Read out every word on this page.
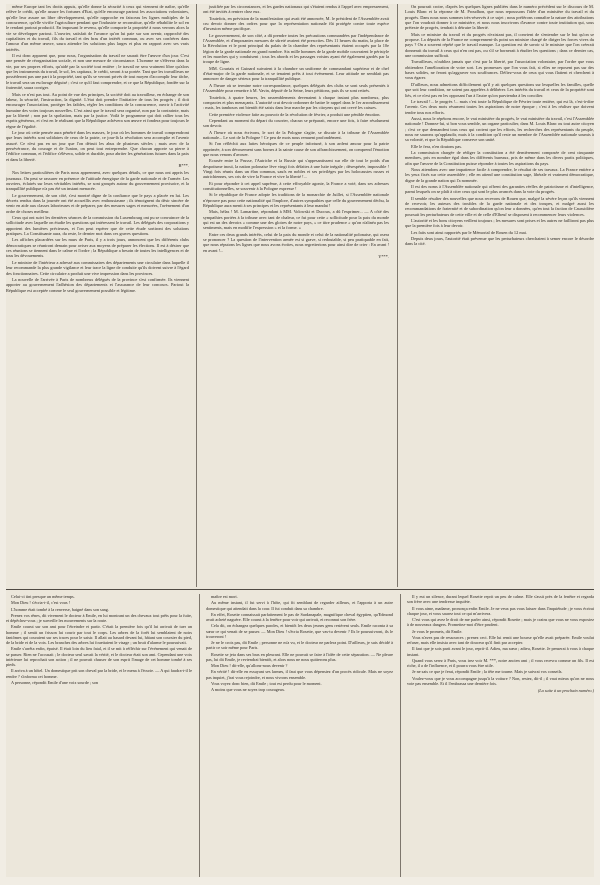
même Europe tant les droits appuis, qu'elle donne la sécurité à ceux qui viennent de naître, qu'elle relève le crédit, qu'elle assure les fortunes d'Etat, qu'elle encourage partout les associations volontaires, qu'elle leur assure un libre développement, qu'elle rapproche en faisceau les lignes multiples de la concurrence, qu'elle vivifie l'agriculture pendant que l'industrie se reconstitue, qu'elle réhabilite le sol en le rendant partout productif. En imposant le revenu, qu'elle comporte la propriété à nous verrons alors la vie se développer partout. L'ouvrier, satisfait de l'avance qu'on lui paie sur son avenir, rapproché des capitalistes et du travail, fils du travail et des bras d'un intérêt commun, ou avec ses confrères dans l'amour d'un même œuvre, saura attendre les solutions plus larges et plus en rapport avec ses vrais intérêts.

Il est donc apparent que, pour nous, l'organisation du travail ne saurait être l'œuvre d'un jour. C'est une pensée de réorganisation sociale, et non une mesure de circonstance. L'homme ne s'élèvera dans la vie, par ses propres efforts, qu'aidé par la société tout entière ; le travail ne sera vraiment libre qu'alors que les instruments du travail, le sol, les capitaux, le crédit, seront à sa portée. Tant que les travailleurs ne posséderont pas une part à la propriété, tant qu'ils se verront privés de tout moyen d'accomplir leur tâche, le travail sera un esclavage déguisé ; c'est ce qu'il faut comprendre, et ce que la République, fondée sur la fraternité, saura corriger.

Mais ce n'est pas tout. Au point de vue des principes, la société doit au travailleur, en échange de son labeur, la sécurité, l'instruction, la dignité. L'état doit prendre l'initiative de tous les progrès ; il doit encourager l'association, protéger les faibles, régler les conditions de la concurrence, ouvrir à l'activité humaine des voies toujours nouvelles. C'est ainsi que le travail sera organisé, non par la contrainte, mais par la liberté ; non par la spoliation, mais par la justice. Voilà le programme qui doit rallier tous les esprits généreux, et c'est en le réalisant que la République achèvera son œuvre et fondera pour toujours le règne de l'égalité.

Le jour où cette pensée aura pénétré dans les masses, le jour où les hommes de travail comprendront que leurs intérêts sont solidaires de ceux de la patrie, ce jour-là la révolution sera accomplie et l'avenir assuré. Ce n'est pas en un jour que l'on détruit les abus de plusieurs siècles ; mais avec de la persévérance, du courage et de l'union, on peut tout entreprendre. Que chacun apporte sa pierre à l'édifice commun, et l'édifice s'élèvera, solide et durable, pour abriter les générations futures dans la paix et dans la liberté.

B***.

Nos lettres particulières de Paris nous apprennent, avec quelques détails, ce que nous ont appris les journaux. On peut se rassurer en présence de l'attitude énergique de la garde nationale et de l'armée. Les ouvriers, éclairés sur leurs véritables intérêts, se sont groupés autour du gouvernement provisoire, et la tranquillité publique n'a pas été un instant menacée.

Le gouvernement, de son côté, s'est montré digne de la confiance que le pays a placée en lui. Les décrets rendus dans la journée ont été accueillis avec enthousiasme ; ils témoignent du désir sincère de venir en aide aux classes laborieuses et de préparer, par des mesures sages et mesurées, l'avènement d'un ordre de choses meilleur.

Ceux qui ont suivi les dernières séances de la commission du Luxembourg ont pu se convaincre de la sollicitude avec laquelle on étudie les questions qui intéressent le travail. Les délégués des corporations y apportent des lumières précieuses, et l'on peut espérer que de cette étude sortiront des solutions pratiques. La Constituante aura, du reste, le dernier mot dans ces graves questions.

Les affiches placardées sur les murs de Paris, il y a trois jours, annoncent que les différents clubs démocratiques se réuniront demain pour aviser aux moyens de préparer les élections. Il est à désirer que ces réunions se tiennent dans le calme et l'ordre ; la République a besoin de toutes les intelligences et de tous les dévouements.

Le ministre de l'intérieur a adressé aux commissaires des départements une circulaire dans laquelle il leur recommande la plus grande vigilance et leur trace la ligne de conduite qu'ils doivent suivre à l'égard des fonctionnaires. Cette circulaire a produit une vive impression dans les provinces.

La nouvelle de l'arrivée à Paris de nombreux délégués de la province s'est confirmée. Ils viennent apporter au gouvernement l'adhésion des départements et l'assurance de leur concours. Partout la République est acceptée comme le seul gouvernement possible et légitime.

justifiée par les circonstances, et les gardes nationaux qui s'étaient rendus à l'appel avec empressement, ont été invités à rentrer chez eux.

Toutefois, en prévision de la manifestation qui avait été annoncée, M. le président de l'Assemblée avait cru devoir donner des ordres pour que la représentation nationale fût protégée contre toute espèce d'invasion même pacifique.

Le gouvernement, de son côté, a dû prendre toutes les précautions commandées par l'indépendance de l'Assemblée, et d'imposantes mesures de sûreté avaient été prescrites. Dès 11 heures du matin, la place de la Révolution et le pont principal du palais de la chambre des représentants étaient occupés par la 10e légion de la garde nationale en grand nombre. Six mille hommes de la garde mobile couvraient le péristyle et les marches qui y conduisent ; tous les abords et les passages voisins ayant été également gardés par la troupe de ligne.

MM. Courtais et Guinard suivaient à la chambre un uniforme de commandant supérieur et de chef d'état-major de la garde nationale, et se tenaient prêts à tout événement. Leur attitude ne semblait pas annoncer de danger sérieux pour la tranquillité publique.

A l'heure où se termine notre correspondance, quelques délégués des clubs se sont seuls présentés à l'Assemblée pour remettre à M. Vavin, député de la Seine, leurs pétitions, puis ils se sont retirés.

Toutefois, à quatre heures, les rassemblements devenaient à chaque instant plus nombreux, plus compactes et plus menaçants. L'autorité crut devoir ordonner de battre le rappel dans le 1er arrondissement : mais, les tambours ont bientôt été saisis dans leur marche par les citoyens qui ont crevé les caisses.

Cette première violence faite au pouvoir de la révolution de février, a produit une pénible émotion.

Cependant au moment du départ du courrier, chacun se préparait, encore une fois, à faire résolument son devoir.

A l'heure où nous écrivons, le sort de la Pologne s'agite, se discute à la tribune de l'Assemblée nationale... Le sort de la Pologne ! Ce peu de mots nous remuent profondément.

Si l'on réfléchit aux luttes héroïques de ce peuple infortuné, à son ardent amour pour la patrie opprimée, à son dévouement sans bornes à la sainte cause de son affranchissement, on comprend l'émotion que nous venons d'avouer.

Ecrasée entre la Prusse, l'Autriche et la Russie qui s'appesantissent sur elle de tout le poids d'un despotisme inouï, la nation polonaise lève vingt fois défaites à une lutte inégale ; désespérée, impossible ! Vingt fois réunis dans un élan commun, saufs en nobles et ses priviléges par les holocaustes russes et autrichiennes, ses cris de vive la France et vive la liberté !...

Et pour répondre à cet appel suprême, à cette effroyable agonie, la France a voté, dans ses adresses constitutionnelles, se souvenir à la Pologne expresse !

Si le république de France adopte les traditions de la monarchie de Juillet, si l'Assemblée nationale n'éprouve pas pour cette nationalité qui l'implore, d'autres sympathies que celle du gouvernement déchu, la République aura menti à ses principes et les représentants à leur mandat !

Mais, hélas ! M. Lamartine, répondant à MM. Volowski et Ducoux, a dû l'exprimer... — A côté des sympathies portées à la tribune avec tant de chaleur, ce fut pour cette « sollicitude pour la paix du monde qui est un des devoirs « comme une des gloires de notre pays, » ce titre prudence « qu'on n'alinéa pas les sentiments, mais en modifie l'expression » et la forme. »

Entre ces deux grands intérêts, celui de la paix du monde et celui de la nationalité polonaise, qui osera se prononcer ? La question de l'intervention armée est si grave, si redoutable, si peu pratiquable en fait, que nous réputons les lignes que nous avons écrites, nous regretterions pour ainsi dire de crier : En avant ! en avant !...

Y***.

On pourrait croire, d'après les quelques lignes publiées dans le numéro précédent sur le discours de M. Louis Blanc et la réponse de M. Proudhon, que nous repoussons l'idée d'un ministère du travail et du progrès. Dans nous nous sommes très-réservés à ce sujet ; nous préférons connaître la nature des attributions que l'on voudrait donner à ce ministère, et nous nous inscrivons d'avance contre toute institution qui, sous prétexte de progrès, tendrait à détruire la liberté.

Mais ce ministre du travail et du progrès n'existant pas, il convient de s'entendre sur le but qu'on se propose. La députés de la France ne comprennent-ils point un ministre chargé de diriger les forces vives du pays ? On a souvent répété que le travail manque. La question est de savoir si le ministre que l'on créerait donnerait du travail à ceux qui n'en ont pas, ou s'il se bornerait à étudier les questions ; dans ce dernier cas, une commission suffirait.

Travailleurs, n'oubliez jamais que c'est par la liberté, par l'association volontaire, par l'ordre que vous obtiendrez l'amélioration de votre sort. Les promesses que l'on vous fait, si elles ne reposent pas sur des bases solides, ne feront qu'aggraver vos souffrances. Défiez-vous de ceux qui vous flattent et cherchent à vous égarer.

D'ailleurs, nous admettons difficilement qu'il y ait quelques questions sur lesquelles les familles, quelle que soit leur condition, ne soient pas appelées à délibérer. Les intérêts du travail et ceux de la propriété sont liés, et ce n'est pas en les opposant l'un à l'autre qu'on parviendra à les concilier.

Le travail !... le progrès !... mais c'est toute la République de Février toute entière, qui est là, c'est-à-dire l'avenir. Ces deux mots résument toutes les aspirations de notre époque ; c'est à les réaliser que doivent tendre tous nos efforts.

Aussi, nous le répétons encore, le vrai ministère du progrès, le vrai ministère du travail, c'est l'Assemblée nationale ! Donnez-lui, si bon vous semble, un organe particulier, dans M. Louis Blanc ou tout autre citoyen ; c'est ce que demandent tous ceux qui croient que les efforts, les recherches des représentants du peuple, nous ne saurons qu'applaudir, mais à la condition qu'il reste un membre de l'Assemblée nationale soumis à sa volonté, et que la République conserve son unité.

Elle le fera, n'en doutons pas.

La commission chargée de rédiger la constitution a été dernièrement composée de cent cinquante membres, pris en nombre égal dans les différents bureaux, pris de même dans les divers partis politiques, afin que l'œuvre de la Constitution puisse répondre à toutes les aspirations du pays.

Nous attendons avec une impatience facile à comprendre, le résultat de ses travaux. La France entière a les yeux fixés sur cette assemblée ; elle en attend une constitution sage, libérale et vraiment démocratique, digne de la grande nation qui l'a nommée.

Il est des noms à l'Assemblée nationale qui offrent des garanties réelles de patriotisme et d'intelligence, parmi lesquels on se plaît à citer ceux qui sont le plus avancés dans la voie du progrès.

Il semble résulter des nouvelles que nous recevons de Rouen que, malgré la sévère leçon qu'ils viennent de recevoir, les auteurs des troubles de la garde nationale et des troupes, et malgré aussi les recommandations de fraternité et de subordination qu'on leur a données, qu'en tout la faction de Caussidière poursuit les perturbateurs de cette ville et de celle d'Elbeuf se disposent à recommencer leurs violences.

L'autorité et les bons citoyens veillent toujours ; les mesures sont prises et les autres ne failliront pas plus que la première fois à leur devoir.

Les faits sont ainsi rapportés par le Mémorial de Rouen du 12 mai.

Depuis deux jours, l'autorité était prévenue que les perturbateurs cherchaient à semer encore le désordre dans la cité.

Celui-ci tint presque un même temps.

Mon Dieu ! s'écria-t-il, c'est vous !

L'homme était tombé à la renverse, baigné dans son sang.

Prenez vos rênes, dit vivement le docteur à Emile, en lui montrant un des chevaux tout prêts pour la fuite, et dépêchez-vous ; je surveille les mouvements sur la route.

Emile courut sur son ami pour l'étreindre et partir. C'était la première fois qu'il lui arrivait de tuer un homme ; il sentit un frisson lui courir par tout le corps. Les arbres de la forêt lui semblaient de noirs fantômes qui couraient sur ses traces pour le saisir. Il allait au hasard devant lui, hâtant son coursier du pied, de la bride et de la voix. Les branches des arbres lui fouettaient le visage ; un bruit d'alarme le poursuivait.

Emile s'arrêta enfin, épuisé. Il était loin du lieu fatal, et il se mit à réfléchir sur l'événement qui venait de se passer. Rien ne l'accusait ; le docteur seul savait la vérité, et le docteur était son ami. Cependant une voix intérieure lui reprochait son action ; il ne pouvait chasser de son esprit l'image de cet homme tombé à ses pieds.

Il arriva à un hôtel. Un domestique prit son cheval par la bride, et le mena à l'écurie. — A qui faudra-t-il le rendre ? s'informa cet homme.

A personne, répondit Emile d'une voix sourde ; son

maître est mort.

Au même instant, il fut servi à l'hôte, qui fit semblant de regarder ailleurs, et l'apporta à un autre domestique qui attendait dans la cour. Il fut conduit dans sa chambre.

En effet, Rosette connaissait parfaitement le pas de Sardanapale, magnifique cheval égyptien, qu'Edmond avait acheté naguère. Elle courut à la fenêtre pour voir qui arrivait, et reconnut son frère.

Cela dit, on échangea quelques paroles, et bientôt les deux jeunes gens restèrent seuls. Emile raconta à sa sœur ce qui venait de se passer. — Mon Dieu ! s'écria Rosette, que vas-tu devenir ? Ils le poursuivront, ils le trouveront !

Je ne le crois pas, dit Emile ; personne ne m'a vu, et le docteur ne parlera point. D'ailleurs, je suis décidé à partir ce soir même pour Paris.

Rosette se jeta dans ses bras en pleurant. Elle ne pouvait se faire à l'idée de cette séparation. — Ne pleure pas, lui dit Emile, je reviendrai bientôt, et alors nous ne nous quitterons plus.

Mon Dieu ! dit-elle, qu'allons-nous devenir ?

En vérité ! dit-elle en essuyant ses larmes, il faut que vous dépensiez d'un procès ridicule. Mais ne soyez pas inquiet, j'irai vous rejoindre, et nous vivrons ensemble.

Vous voyez donc bien, dit Emile ; tout est perdu pour le moment.

A moins que vous ne soyez trop courageux.

Il y eut un silence, durant lequel Rosette reprit un peu de calme. Elle s'assit près de la fenêtre et regarda son frère avec une tendresse inquiète.

Il vous aime, madame, prononça enfin Emile. Je ne veux pas vous laisser dans l'inquiétude ; je vous écrirai chaque jour, et vous saurez tout ce qui m'arrivera.

C'est vous qui avez le droit de me parler ainsi, répondit Rosette ; mais je crains que vous ne vous exposiez à de nouveaux dangers. Promettez-moi d'être prudent.

Je vous le promets, dit Emile.

Vous n'avez pas de ressources ; prenez ceci. Elle lui remit une bourse qu'elle avait préparée. Emile voulut refuser, mais elle insista avec tant de douceur qu'il finit par accepter.

Il faut que je sois parti avant le jour, reprit-il. Adieu, ma sœur ; adieu, Rosette. Je penserai à vous à chaque instant.

Quand vous serez à Paris, vous irez voir M. ***, notre ancien ami ; il vous recevra comme un fils. Il est riche, il a de l'influence, et il pourra vous être utile.

Je ne sais ce que je ferai, répondit Emile ; la tête me tourne. Mais je suivrai vos conseils.

Voulez-vous que je vous accompagne jusqu'à la voiture ? Non, restez, dit-il ; il vaut mieux qu'on ne nous voie pas ensemble. Et il l'embrassa une dernière fois.

(La suite à un prochain numéro.)
